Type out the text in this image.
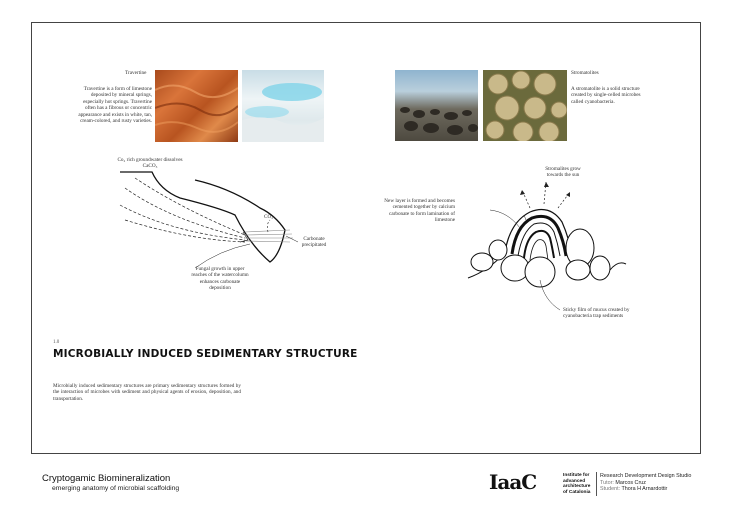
Travertine
Travertine is a form of limestone deposited by mineral springs, especially hot springs. Travertine often has a fibrous or concentric appearance and exists in white, tan, cream-colored, and rusty varieties.
Stromatolites
A stromatolite is a solid structure created by single-celled microbes called cyanobacteria.
Co₂ rich groundwater dissolves CaCO₃
CO₂
Carbonate precipitated
Fungal growth in upper reaches of the watercolumn enhances carbonate deposition
Stromalites grow towards the sun
New layer is formed and becomes cemented together by calcium carbonate to form lamination of limestone
Sticky film of mucus created by cyanobacteria trap sediments
1.0
MICROBIALLY INDUCED SEDIMENTARY STRUCTURE
Microbially induced sedimentary structures are primary sedimentary structures formed by the interaction of microbes with sediment and physical agents of erosion, deposition, and transportation.
Cryptogamic Biomineralization
emerging anatomy of microbial scaffolding	IaaC	Institute for
advanced
architecture
of Catalonia
Research Development Design Studio
Tutor: Marcos Cruz
Student: Thora H Arnardottir
